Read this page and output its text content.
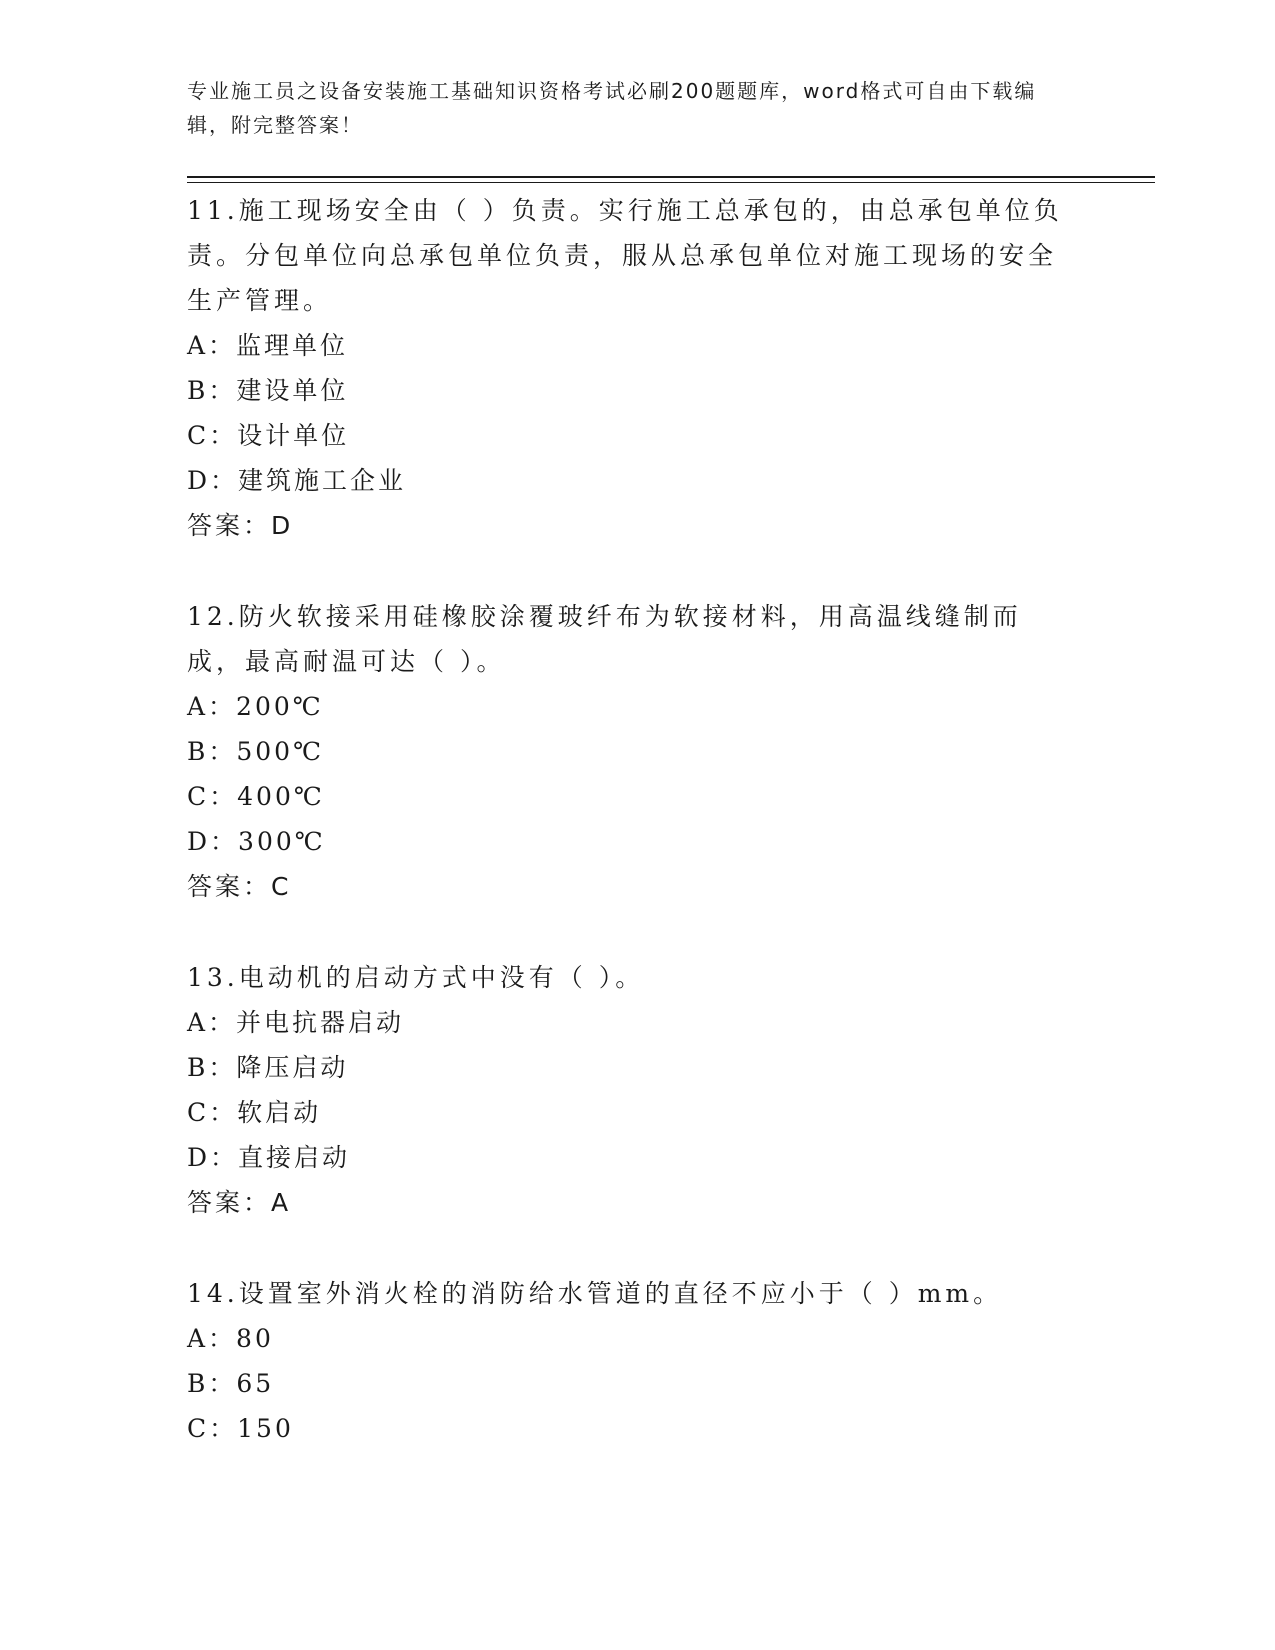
专业施工员之设备安装施工基础知识资格考试必刷200题题库，word格式可自由下载编辑，附完整答案！

11.施工现场安全由（ ）负责。实行施工总承包的，由总承包单位负责。分包单位向总承包单位负责，服从总承包单位对施工现场的安全生产管理。

A：监理单位
B：建设单位
C：设计单位
D：建筑施工企业
答案：D

12.防火软接采用硅橡胶涂覆玻纤布为软接材料，用高温线缝制而成，最高耐温可达（ ）。

A：200℃
B：500℃
C：400℃
D：300℃
答案：C

13.电动机的启动方式中没有（ ）。

A：并电抗器启动
B：降压启动
C：软启动
D：直接启动
答案：A

14.设置室外消火栓的消防给水管道的直径不应小于（ ）mm。

A：80
B：65
C：150
